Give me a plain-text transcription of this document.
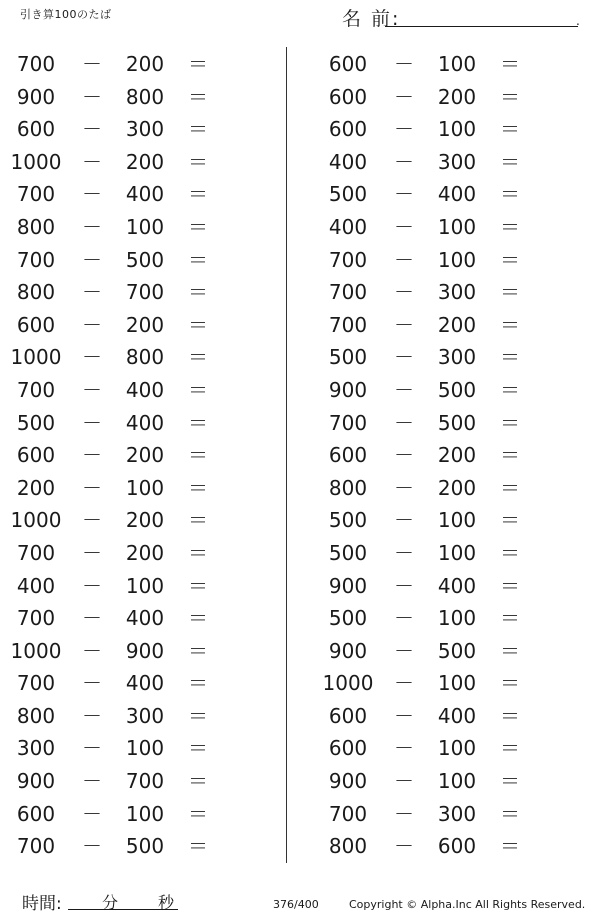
引き算100のたば	名 前:	.
700	－	200	＝
900	－	800	＝
600	－	300	＝
1000 －	200	＝
700	－	400	＝
800	－	100	＝
700	－	500	＝
800	－	700	＝
600	－	200	＝
1000 －	800	＝
700	－	400	＝
500	－	400	＝
600	－	200	＝
200	－	100	＝
1000 －	200	＝
700	－	200	＝
400	－	100	＝
700	－	400	＝
1000 －	900	＝
700	－	400	＝
800	－	300	＝
300	－	100	＝
900	－	700	＝
600	－	100	＝
700	－	500	＝
600	－	100	＝
600	－	200	＝
600	－	100	＝
400	－	300	＝
500	－	400	＝
400	－	100	＝
700	－	100	＝
700	－	300	＝
700	－	200	＝
500	－	300	＝
900	－	500	＝
700	－	500	＝
600	－	200	＝
800	－	200	＝
500	－	100	＝
500	－	100	＝
900	－	400	＝
500	－	100	＝
900	－	500	＝
1000 －	100	＝
600	－	400	＝
600	－	100	＝
900	－	100	＝
700	－	300	＝
800	－	600	＝
時間:	分 秒	376/400	Copyright © Alpha.Inc All Rights Reserved.
